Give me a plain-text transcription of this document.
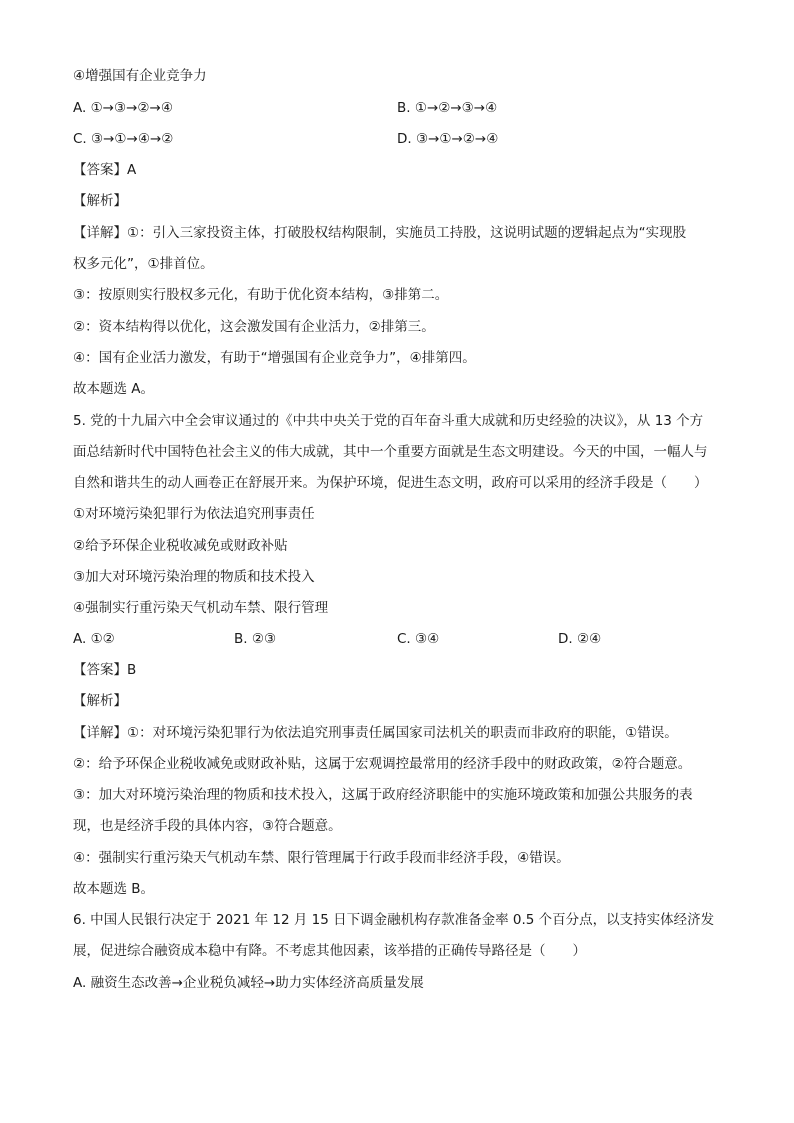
④增强国有企业竞争力
A. ①→③→②→④	B. ①→②→③→④
C. ③→①→④→②	D. ③→①→②→④
【答案】A
【解析】
【详解】①：引入三家投资主体，打破股权结构限制，实施员工持股，这说明试题的逻辑起点为“实现股
权多元化”，①排首位。
③：按原则实行股权多元化，有助于优化资本结构，③排第二。
②：资本结构得以优化，这会激发国有企业活力，②排第三。
④：国有企业活力激发，有助于“增强国有企业竞争力”，④排第四。
故本题选 A。
5. 党的十九届六中全会审议通过的《中共中央关于党的百年奋斗重大成就和历史经验的决议》，从 13 个方
面总结新时代中国特色社会主义的伟大成就，其中一个重要方面就是生态文明建设。今天的中国，一幅人与
自然和谐共生的动人画卷正在舒展开来。为保护环境，促进生态文明，政府可以采用的经济手段是（　　）
①对环境污染犯罪行为依法追究刑事责任
②给予环保企业税收减免或财政补贴
③加大对环境污染治理的物质和技术投入
④强制实行重污染天气机动车禁、限行管理
A. ①②	B. ②③	C. ③④	D. ②④
【答案】B
【解析】
【详解】①：对环境污染犯罪行为依法追究刑事责任属国家司法机关的职责而非政府的职能，①错误。
②：给予环保企业税收减免或财政补贴，这属于宏观调控最常用的经济手段中的财政政策，②符合题意。
③：加大对环境污染治理的物质和技术投入，这属于政府经济职能中的实施环境政策和加强公共服务的表
现，也是经济手段的具体内容，③符合题意。
④：强制实行重污染天气机动车禁、限行管理属于行政手段而非经济手段，④错误。
故本题选 B。
6. 中国人民银行决定于 2021 年 12 月 15 日下调金融机构存款准备金率 0.5 个百分点，以支持实体经济发
展，促进综合融资成本稳中有降。不考虑其他因素，该举措的正确传导路径是（　　）
A. 融资生态改善→企业税负减轻→助力实体经济高质量发展
